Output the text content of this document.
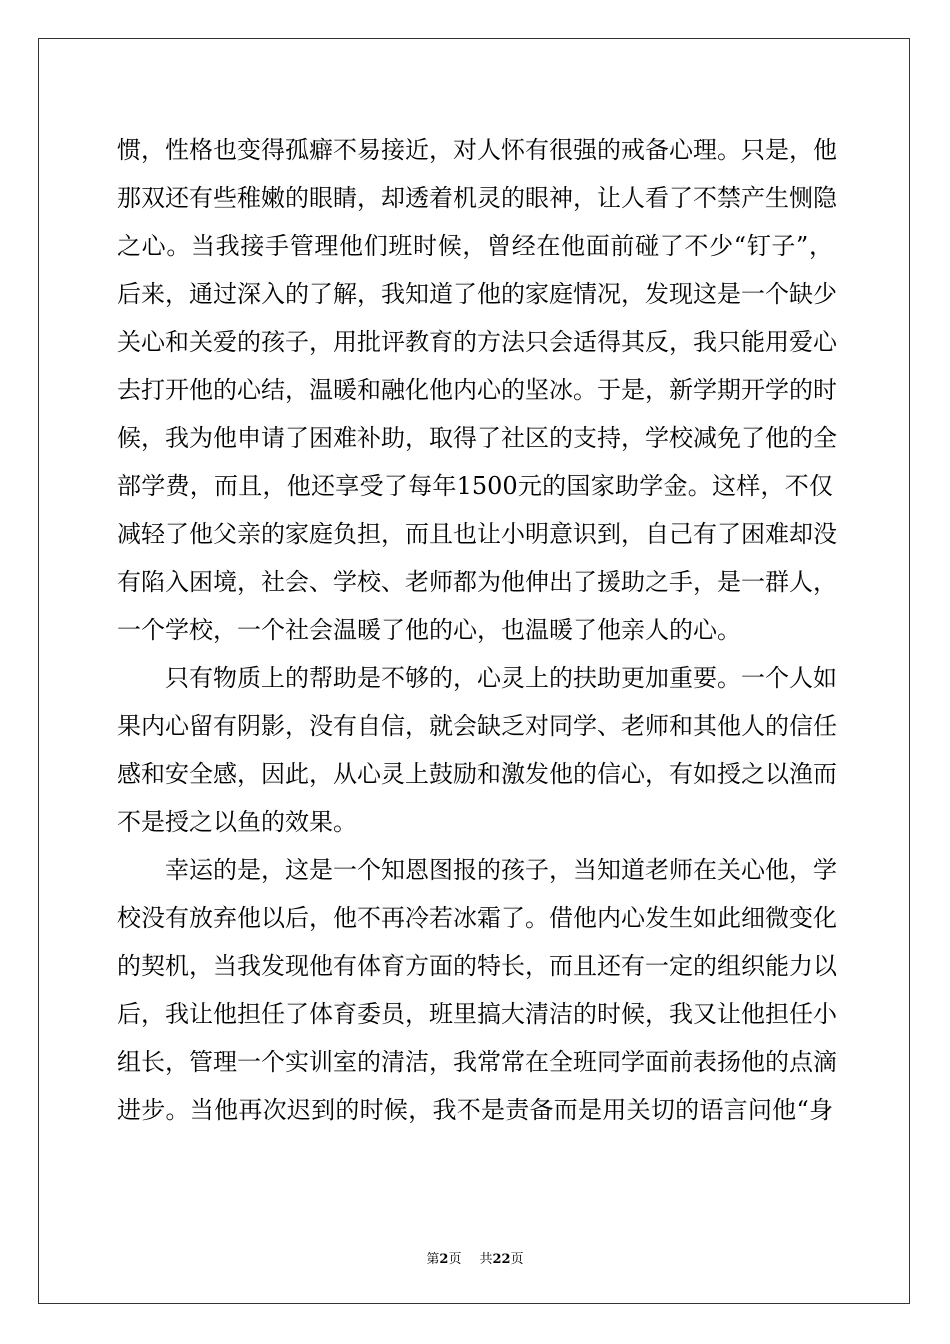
惯，性格也变得孤癖不易接近，对人怀有很强的戒备心理。只是，他
那双还有些稚嫩的眼睛，却透着机灵的眼神，让人看了不禁产生恻隐
之心。当我接手管理他们班时候，曾经在他面前碰了不少“钉子”，
后来，通过深入的了解，我知道了他的家庭情况，发现这是一个缺少
关心和关爱的孩子，用批评教育的方法只会适得其反，我只能用爱心
去打开他的心结，温暖和融化他内心的坚冰。于是，新学期开学的时
候，我为他申请了困难补助，取得了社区的支持，学校减免了他的全
部学费，而且，他还享受了每年1500元的国家助学金。这样，不仅
减轻了他父亲的家庭负担，而且也让小明意识到，自己有了困难却没
有陷入困境，社会、学校、老师都为他伸出了援助之手，是一群人，
一个学校，一个社会温暖了他的心，也温暖了他亲人的心。
　　只有物质上的帮助是不够的，心灵上的扶助更加重要。一个人如
果内心留有阴影，没有自信，就会缺乏对同学、老师和其他人的信任
感和安全感，因此，从心灵上鼓励和激发他的信心，有如授之以渔而
不是授之以鱼的效果。
　　幸运的是，这是一个知恩图报的孩子，当知道老师在关心他，学
校没有放弃他以后，他不再冷若冰霜了。借他内心发生如此细微变化
的契机，当我发现他有体育方面的特长，而且还有一定的组织能力以
后，我让他担任了体育委员，班里搞大清洁的时候，我又让他担任小
组长，管理一个实训室的清洁，我常常在全班同学面前表扬他的点滴
进步。当他再次迟到的时候，我不是责备而是用关切的语言问他“身
第2页 共22页
